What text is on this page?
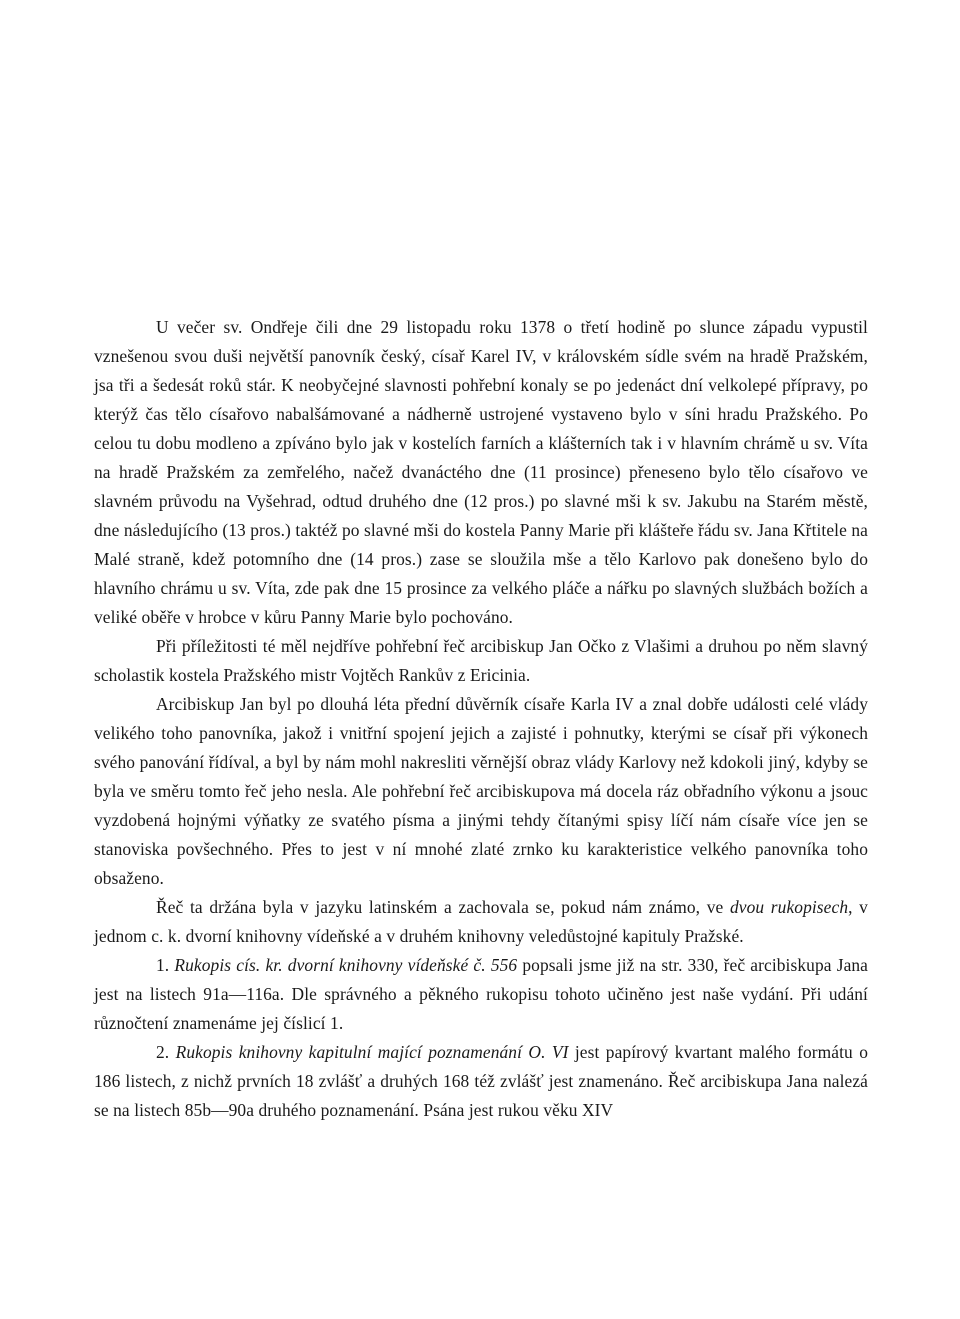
U večer sv. Ondřeje čili dne 29 listopadu roku 1378 o třetí hodině po slunce západu vypustil vznešenou svou duši největší panovník český, císař Karel IV, v královském sídle svém na hradě Pražském, jsa tři a šedesát roků stár. K neobyčejné slavnosti pohřební konaly se po jedenáct dní velkolepé přípravy, po kterýž čas tělo císařovo nabalšámované a nádherně ustrojené vystaveno bylo v síni hradu Pražského. Po celou tu dobu modleno a zpíváno bylo jak v kostelích farních a klášterních tak i v hlavním chrámě u sv. Víta na hradě Pražském za zemřelého, načež dvanáctého dne (11 prosince) přeneseno bylo tělo císařovo ve slavném průvodu na Vyšehrad, odtud druhého dne (12 pros.) po slavné mši k sv. Jakubu na Starém městě, dne následujícího (13 pros.) taktéž po slavné mši do kostela Panny Marie při klášteře řádu sv. Jana Křtitele na Malé straně, kdež potomního dne (14 pros.) zase se sloužila mše a tělo Karlovo pak donešeno bylo do hlavního chrámu u sv. Víta, zde pak dne 15 prosince za velkého pláče a nářku po slavných službách božích a veliké oběře v hrobce v kůru Panny Marie bylo pochováno.

Při příležitosti té měl nejdříve pohřební řeč arcibiskup Jan Očko z Vlašimi a druhou po něm slavný scholastik kostela Pražského mistr Vojtěch Rankův z Ericinia.

Arcibiskup Jan byl po dlouhá léta přední důvěrník císaře Karla IV a znal dobře události celé vlády velikého toho panovníka, jakož i vnitřní spojení jejich a zajisté i pohnutky, kterými se císař při výkonech svého panování řídíval, a byl by nám mohl nakresliti věrnější obraz vlády Karlovy než kdokoli jiný, kdyby se byla ve směru tomto řeč jeho nesla. Ale pohřební řeč arcibiskupova má docela ráz obřadního výkonu a jsouc vyzdobená hojnými výňatky ze svatého písma a jinými tehdy čítanými spisy líčí nám císaře více jen se stanoviska povšechného. Přes to jest v ní mnohé zlaté zrnko ku karakteristice velkého panovníka toho obsaženo.

Řeč ta držána byla v jazyku latinském a zachovala se, pokud nám známo, ve dvou rukopisech, v jednom c. k. dvorní knihovny vídeňské a v druhém knihovny veledůstojné kapituly Pražské.

1. Rukopis cís. kr. dvorní knihovny vídeňské č. 556 popsali jsme již na str. 330, řeč arcibiskupa Jana jest na listech 91a—116a. Dle správného a pěkného rukopisu tohoto učiněno jest naše vydání. Při udání různočtení znamenáme jej číslicí 1.

2. Rukopis knihovny kapitulní mající poznamenání O. VI jest papírový kvartant malého formátu o 186 listech, z nichž prvních 18 zvlášť a druhých 168 též zvlášť jest znamenáno. Řeč arcibiskupa Jana nalezá se na listech 85b—90a druhého poznamenání. Psána jest rukou věku XIV
